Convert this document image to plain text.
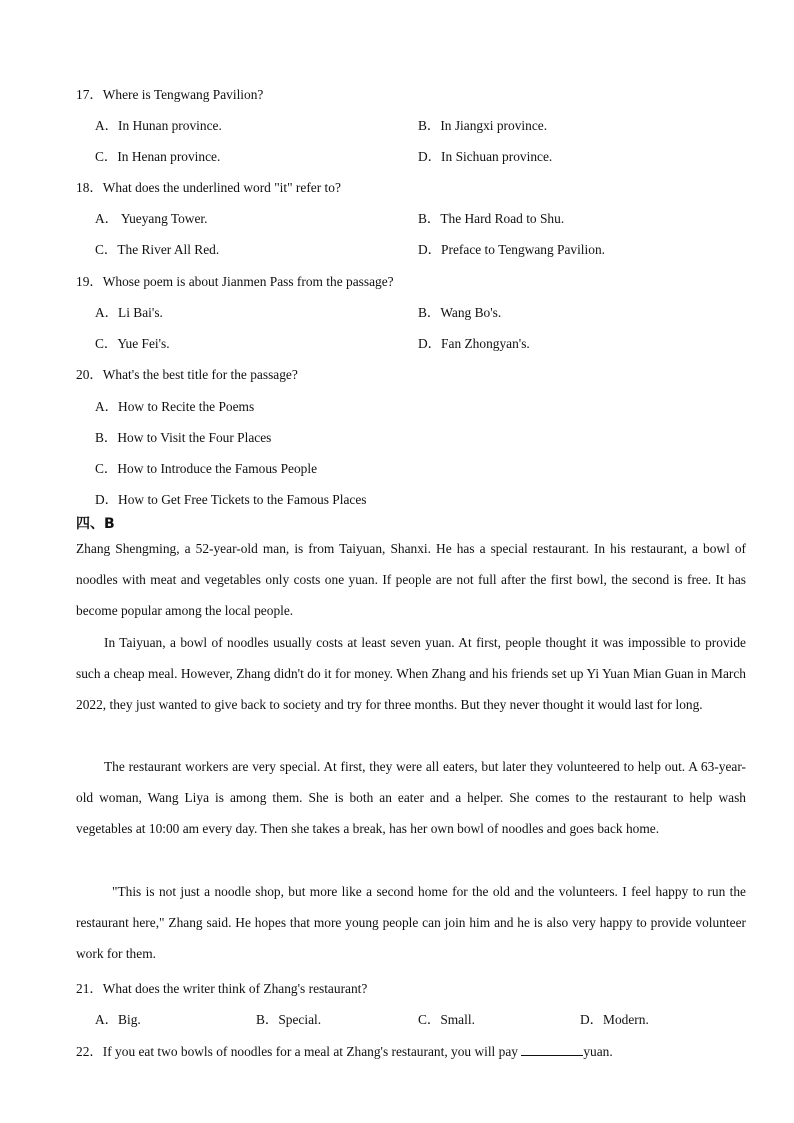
17．Where is Tengwang Pavilion?
A．In Hunan province.	B．In Jiangxi province.
C．In Henan province.	D．In Sichuan province.
18．What does the underlined word "it" refer to?
A． Yueyang Tower.	B．The Hard Road to Shu.
C．The River All Red.	D．Preface to Tengwang Pavilion.
19．Whose poem is about Jianmen Pass from the passage?
A．Li Bai's.	B．Wang Bo's.
C．Yue Fei's.	D．Fan Zhongyan's.
20．What's the best title for the passage?
A．How to Recite the Poems
B．How to Visit the Four Places
C．How to Introduce the Famous People
D．How to Get Free Tickets to the Famous Places
四、B

Zhang Shengming, a 52-year-old man, is from Taiyuan, Shanxi. He has a special restaurant. In his restaurant, a bowl of noodles with meat and vegetables only costs one yuan. If people are not full after the first bowl, the second is free. It has become popular among the local people.

In Taiyuan, a bowl of noodles usually costs at least seven yuan. At first, people thought it was impossible to provide such a cheap meal. However, Zhang didn't do it for money. When Zhang and his friends set up Yi Yuan Mian Guan in March 2022, they just wanted to give back to society and try for three months. But they never thought it would last for long.

The restaurant workers are very special. At first, they were all eaters, but later they volunteered to help out. A 63-year-old woman, Wang Liya is among them. She is both an eater and a helper. She comes to the restaurant to help wash vegetables at 10:00 am every day. Then she takes a break, has her own bowl of noodles and goes back home.

"This is not just a noodle shop, but more like a second home for the old and the volunteers. I feel happy to run the restaurant here," Zhang said. He hopes that more young people can join him and he is also very happy to provide volunteer work for them.

21．What does the writer think of Zhang's restaurant?
A．Big.	B．Special.	C．Small.	D．Modern.
22．If you eat two bowls of noodles for a meal at Zhang's restaurant, you will pay	yuan.
